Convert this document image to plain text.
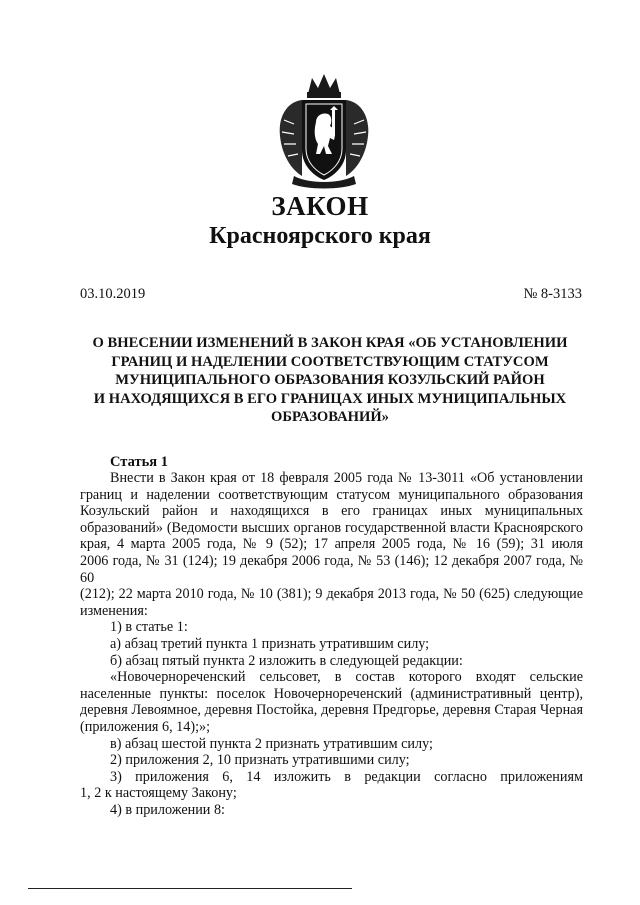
ЗАКОН
Красноярского края
03.10.2019	№ 8-3133
О ВНЕСЕНИИ ИЗМЕНЕНИЙ В ЗАКОН КРАЯ «ОБ УСТАНОВЛЕНИИ
ГРАНИЦ И НАДЕЛЕНИИ СООТВЕТСТВУЮЩИМ СТАТУСОМ
МУНИЦИПАЛЬНОГО ОБРАЗОВАНИЯ КОЗУЛЬСКИЙ РАЙОН
И НАХОДЯЩИХСЯ В ЕГО ГРАНИЦАХ ИНЫХ МУНИЦИПАЛЬНЫХ
ОБРАЗОВАНИЙ»
Статья 1

Внести в Закон края от 18 февраля 2005 года № 13-3011 «Об установлении

границ и наделении соответствующим статусом муниципального образования

Козульский район и находящихся в его границах иных муниципальных

образований» (Ведомости высших органов государственной власти Красноярского

края, 4 марта 2005 года, № 9 (52); 17 апреля 2005 года, № 16 (59); 31 июля

2006 года, № 31 (124); 19 декабря 2006 года, № 53 (146); 12 декабря 2007 года, № 60

(212); 22 марта 2010 года, № 10 (381); 9 декабря 2013 года, № 50 (625) следующие

изменения:

1) в статье 1:

а) абзац третий пункта 1 признать утратившим силу;

б) абзац пятый пункта 2 изложить в следующей редакции:

«Новочернореченский сельсовет, в состав которого входят сельские

населенные пункты: поселок Новочернореченский (административный центр),

деревня Левоямное, деревня Постойка, деревня Предгорье, деревня Старая Черная

(приложения 6, 14);»;

в) абзац шестой пункта 2 признать утратившим силу;

2) приложения 2, 10 признать утратившими силу;

3) приложения 6, 14 изложить в редакции согласно приложениям

1, 2 к настоящему Закону;

4) в приложении 8:
